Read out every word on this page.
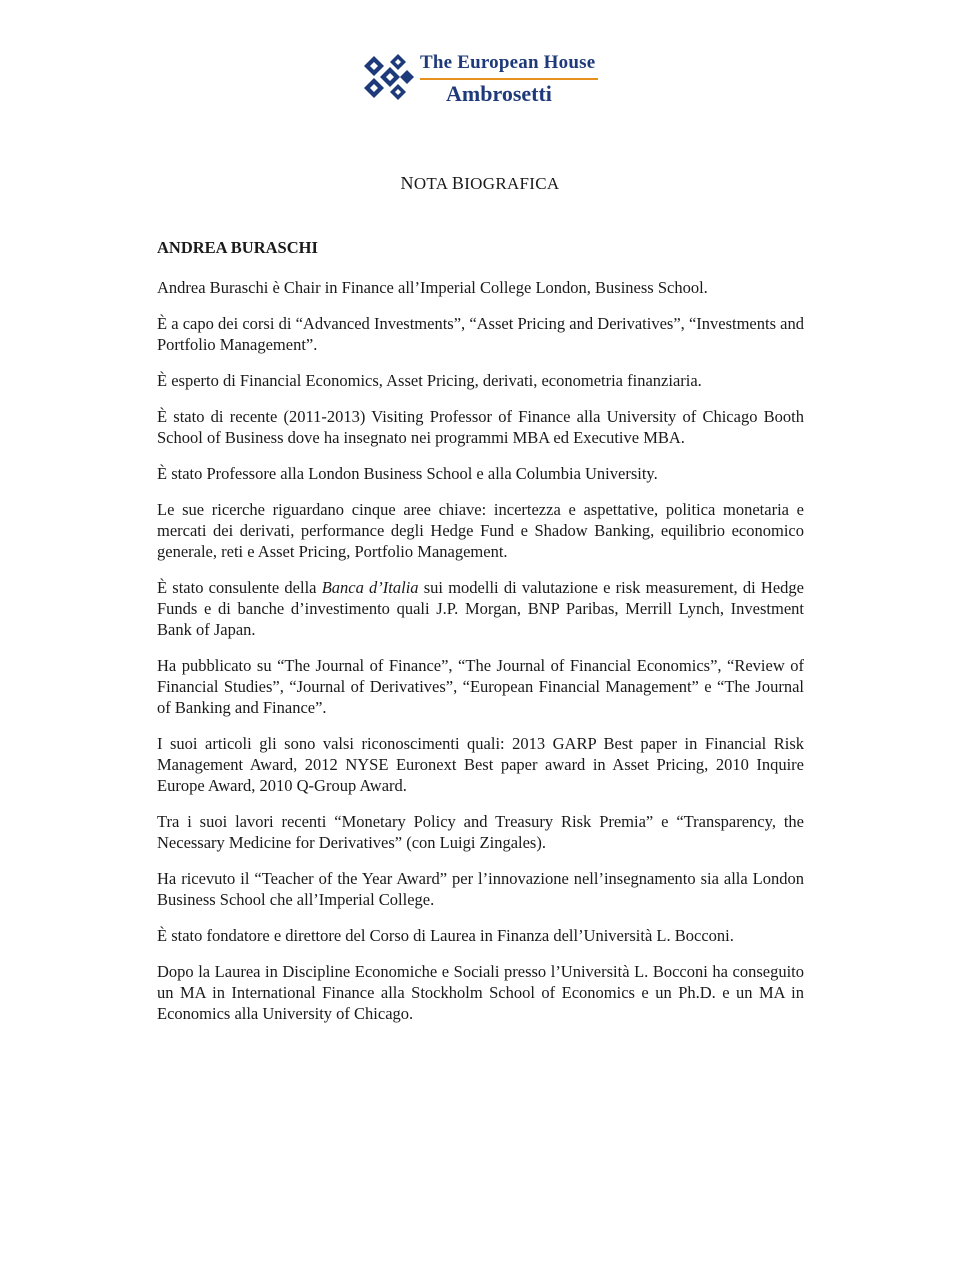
The European House
Ambrosetti
NOTA BIOGRAFICA
ANDREA BURASCHI

Andrea Buraschi è Chair in Finance all’Imperial College London, Business School.

È a capo dei corsi di “Advanced Investments”, “Asset Pricing and Derivatives”, “Investments and Portfolio Management”.

È esperto di Financial Economics, Asset Pricing, derivati, econometria finanziaria.

È stato di recente (2011-2013) Visiting Professor of Finance alla University of Chicago Booth School of Business dove ha insegnato nei programmi MBA ed Executive MBA.

È stato Professore alla London Business School e alla Columbia University.

Le sue ricerche riguardano cinque aree chiave: incertezza e aspettative, politica monetaria e mercati dei derivati, performance degli Hedge Fund e Shadow Banking, equilibrio economico generale, reti e Asset Pricing, Portfolio Management.

È stato consulente della Banca d’Italia sui modelli di valutazione e risk measurement, di Hedge Funds e di banche d’investimento quali J.P. Morgan, BNP Paribas, Merrill Lynch, Investment Bank of Japan.

Ha pubblicato su “The Journal of Finance”, “The Journal of Financial Economics”, “Review of Financial Studies”, “Journal of Derivatives”, “European Financial Management” e “The Journal of Banking and Finance”.

I suoi articoli gli sono valsi riconoscimenti quali: 2013 GARP Best paper in Financial Risk Management Award, 2012 NYSE Euronext Best paper award in Asset Pricing, 2010 Inquire Europe Award, 2010 Q-Group Award.

Tra i suoi lavori recenti “Monetary Policy and Treasury Risk Premia” e “Transparency, the Necessary Medicine for Derivatives” (con Luigi Zingales).

Ha ricevuto il “Teacher of the Year Award” per l’innovazione nell’insegnamento sia alla London Business School che all’Imperial College.

È stato fondatore e direttore del Corso di Laurea in Finanza dell’Università L. Bocconi.

Dopo la Laurea in Discipline Economiche e Sociali presso l’Università L. Bocconi ha conseguito un MA in International Finance alla Stockholm School of Economics e un Ph.D. e un MA in Economics alla University of Chicago.
